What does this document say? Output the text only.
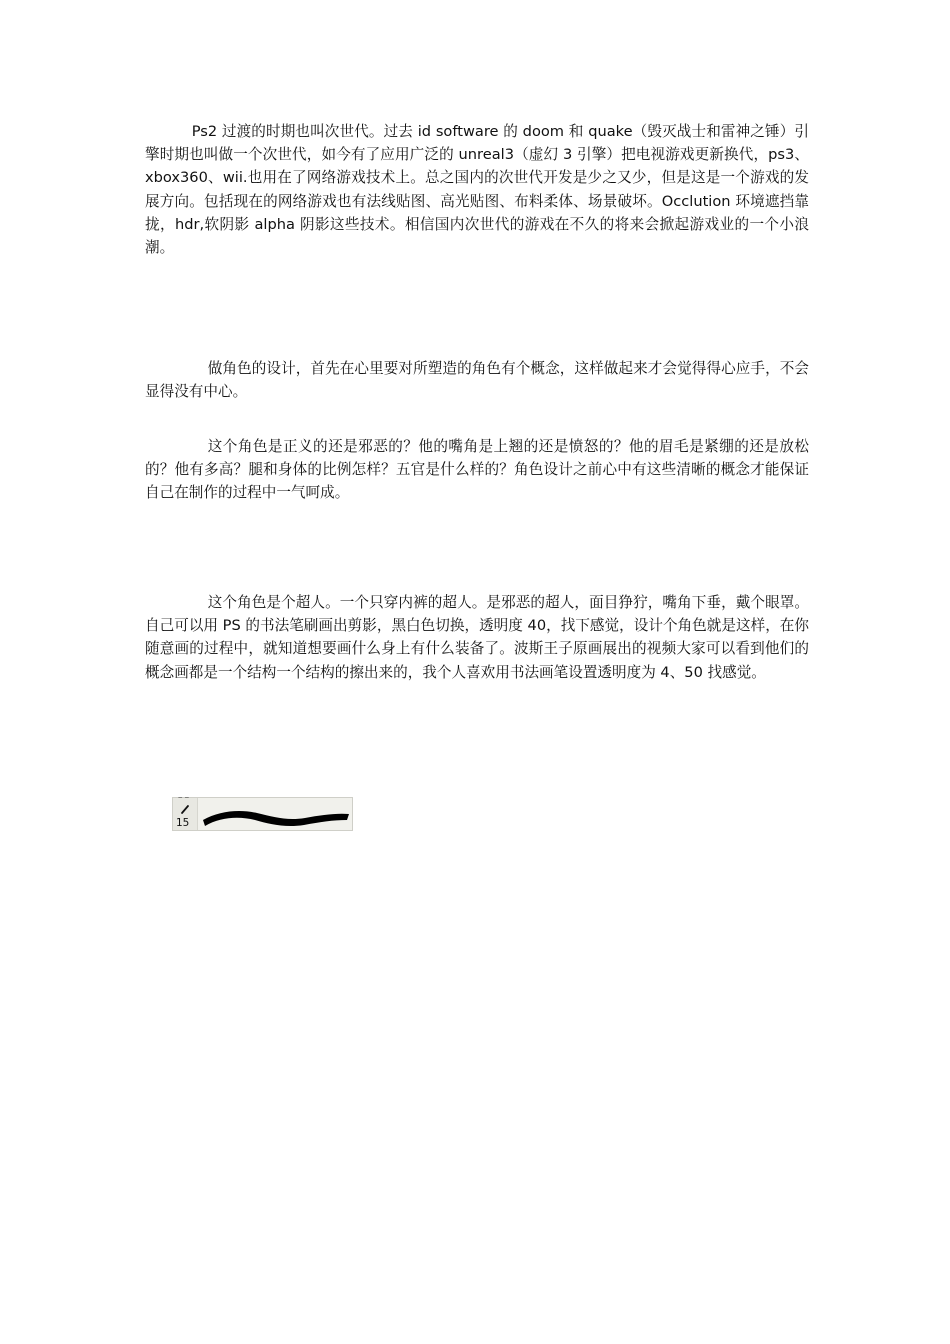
Ps2 过渡的时期也叫次世代。过去 id software 的 doom 和 quake（毁灭战士和雷神之锤）引擎时期也叫做一个次世代，如今有了应用广泛的 unreal3（虚幻 3 引擎）把电视游戏更新换代，ps3、xbox360、wii.也用在了网络游戏技术上。总之国内的次世代开发是少之又少，但是这是一个游戏的发展方向。包括现在的网络游戏也有法线贴图、高光贴图、布料柔体、场景破坏。Occlution 环境遮挡靠拢，hdr,软阴影 alpha 阴影这些技术。相信国内次世代的游戏在不久的将来会掀起游戏业的一个小浪潮。

做角色的设计，首先在心里要对所塑造的角色有个概念，这样做起来才会觉得得心应手，不会显得没有中心。

这个角色是正义的还是邪恶的？他的嘴角是上翘的还是愤怒的？他的眉毛是紧绷的还是放松的？他有多高？腿和身体的比例怎样？五官是什么样的？角色设计之前心中有这些清晰的概念才能保证自己在制作的过程中一气呵成。

这个角色是个超人。一个只穿内裤的超人。是邪恶的超人，面目狰狞，嘴角下垂，戴个眼罩。自己可以用 PS 的书法笔刷画出剪影，黑白色切换，透明度 40，找下感觉，设计个角色就是这样，在你随意画的过程中，就知道想要画什么身上有什么装备了。波斯王子原画展出的视频大家可以看到他们的概念画都是一个结构一个结构的擦出来的，我个人喜欢用书法画笔设置透明度为 4、50 找感觉。

‒ ‒
15
